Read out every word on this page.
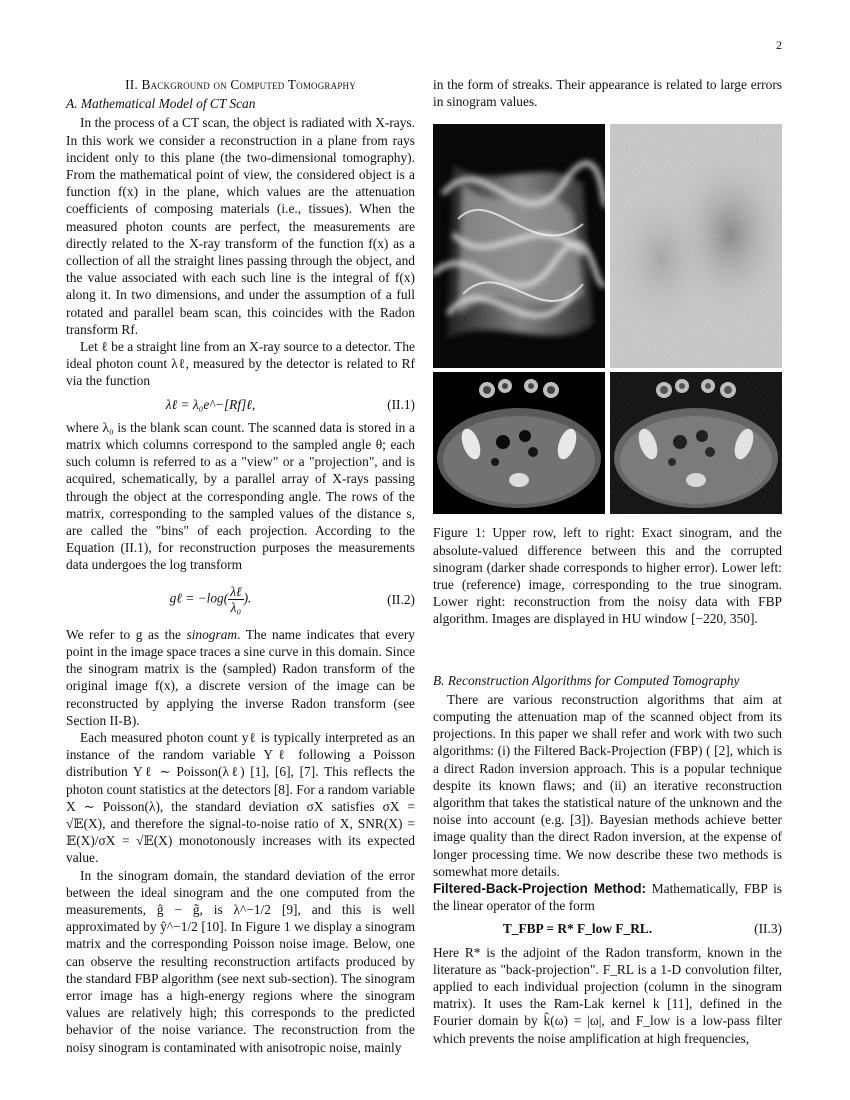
2
II. Background on Computed Tomography
A. Mathematical Model of CT Scan

In the process of a CT scan, the object is radiated with X-rays. In this work we consider a reconstruction in a plane from rays incident only to this plane (the two-dimensional tomography). From the mathematical point of view, the considered object is a function f(x) in the plane, which values are the attenuation coefficients of composing materials (i.e., tissues). When the measured photon counts are perfect, the measurements are directly related to the X-ray transform of the function f(x) as a collection of all the straight lines passing through the object, and the value associated with each such line is the integral of f(x) along it. In two dimensions, and under the assumption of a full rotated and parallel beam scan, this coincides with the Radon transform Rf.

Let ℓ be a straight line from an X-ray source to a detector. The ideal photon count λℓ, measured by the detector is related to Rf via the function

λℓ = λ₀e^−[Rf]ℓ,	(II.1)

where λ₀ is the blank scan count. The scanned data is stored in a matrix which columns correspond to the sampled angle θ; each such column is referred to as a "view" or a "projection", and is acquired, schematically, by a parallel array of X-rays passing through the object at the corresponding angle. The rows of the matrix, corresponding to the sampled values of the distance s, are called the "bins" of each projection. According to the Equation (II.1), for reconstruction purposes the measurements data undergoes the log transform

gℓ = −log( λℓ
λ₀
).	(II.2)

We refer to g as the sinogram. The name indicates that every point in the image space traces a sine curve in this domain. Since the sinogram matrix is the (sampled) Radon transform of the original image f(x), a discrete version of the image can be reconstructed by applying the inverse Radon transform (see Section II-B).

Each measured photon count yℓ is typically interpreted as an instance of the random variable Yℓ following a Poisson distribution Yℓ ∼ Poisson(λℓ) [1], [6], [7]. This reflects the photon count statistics at the detectors [8]. For a random variable X ∼ Poisson(λ), the standard deviation σX satisfies σX = √𝔼(X), and therefore the signal-to-noise ratio of X, SNR(X) = 𝔼(X)/σX = √𝔼(X) monotonously increases with its expected value.

In the sinogram domain, the standard deviation of the error between the ideal sinogram and the one computed from the measurements, ĝ − g̃, is λ^−1/2 [9], and this is well approximated by ŷ^−1/2 [10]. In Figure 1 we display a sinogram matrix and the corresponding Poisson noise image. Below, one can observe the resulting reconstruction artifacts produced by the standard FBP algorithm (see next sub-section). The sinogram error image has a high-energy regions where the sinogram values are relatively high; this corresponds to the predicted behavior of the noise variance. The reconstruction from the noisy sinogram is contaminated with anisotropic noise, mainly

in the form of streaks. Their appearance is related to large errors in sinogram values.

Figure 1: Upper row, left to right: Exact sinogram, and the absolute-valued difference between this and the corrupted sinogram (darker shade corresponds to higher error). Lower left: true (reference) image, corresponding to the true sinogram. Lower right: reconstruction from the noisy data with FBP algorithm. Images are displayed in HU window [−220, 350].

B. Reconstruction Algorithms for Computed Tomography

There are various reconstruction algorithms that aim at computing the attenuation map of the scanned object from its projections. In this paper we shall refer and work with two such algorithms: (i) the Filtered Back-Projection (FBP) ( [2], which is a direct Radon inversion approach. This is a popular technique despite its known flaws; and (ii) an iterative reconstruction algorithm that takes the statistical nature of the unknown and the noise into account (e.g. [3]). Bayesian methods achieve better image quality than the direct Radon inversion, at the expense of longer processing time. We now describe these two methods is somewhat more details.

Filtered-Back-Projection Method: Mathematically, FBP is the linear operator of the form

T_FBP = R* F_low F_RL.	(II.3)

Here R* is the adjoint of the Radon transform, known in the literature as "back-projection". F_RL is a 1-D convolution filter, applied to each individual projection (column in the sinogram matrix). It uses the Ram-Lak kernel k [11], defined in the Fourier domain by k̂(ω) = |ω|, and F_low is a low-pass filter which prevents the noise amplification at high frequencies,
